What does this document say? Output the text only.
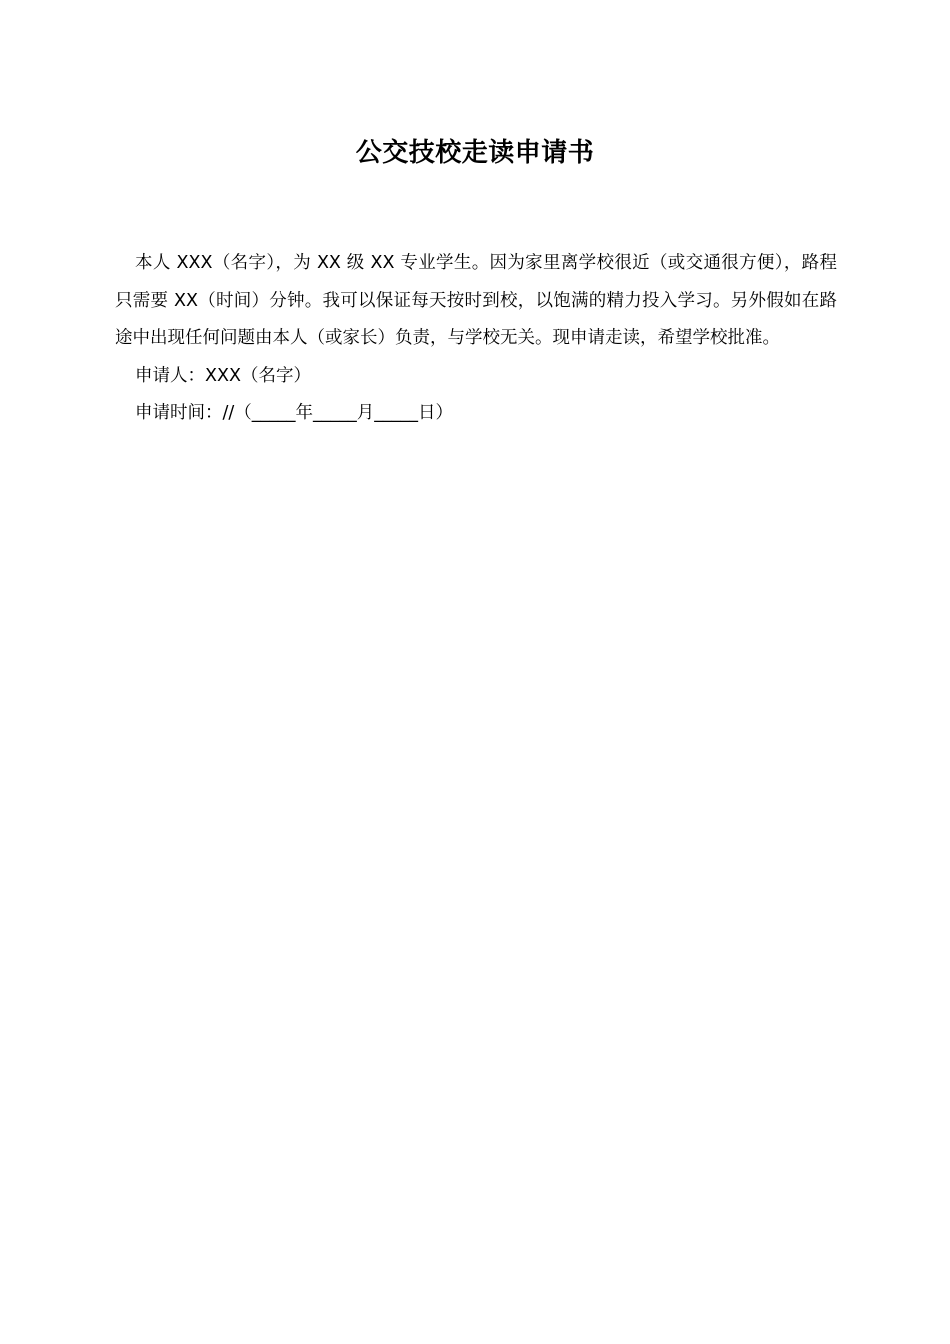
公交技校走读申请书

本人 XXX（名字），为 XX 级 XX 专业学生。因为家里离学校很近（或交通很方便），路程只需要 XX（时间）分钟。我可以保证每天按时到校，以饱满的精力投入学习。另外假如在路途中出现任何问题由本人（或家长）负责，与学校无关。现申请走读，希望学校批准。

申请人：XXX（名字）

申请时间：//（_____年_____月_____日）
